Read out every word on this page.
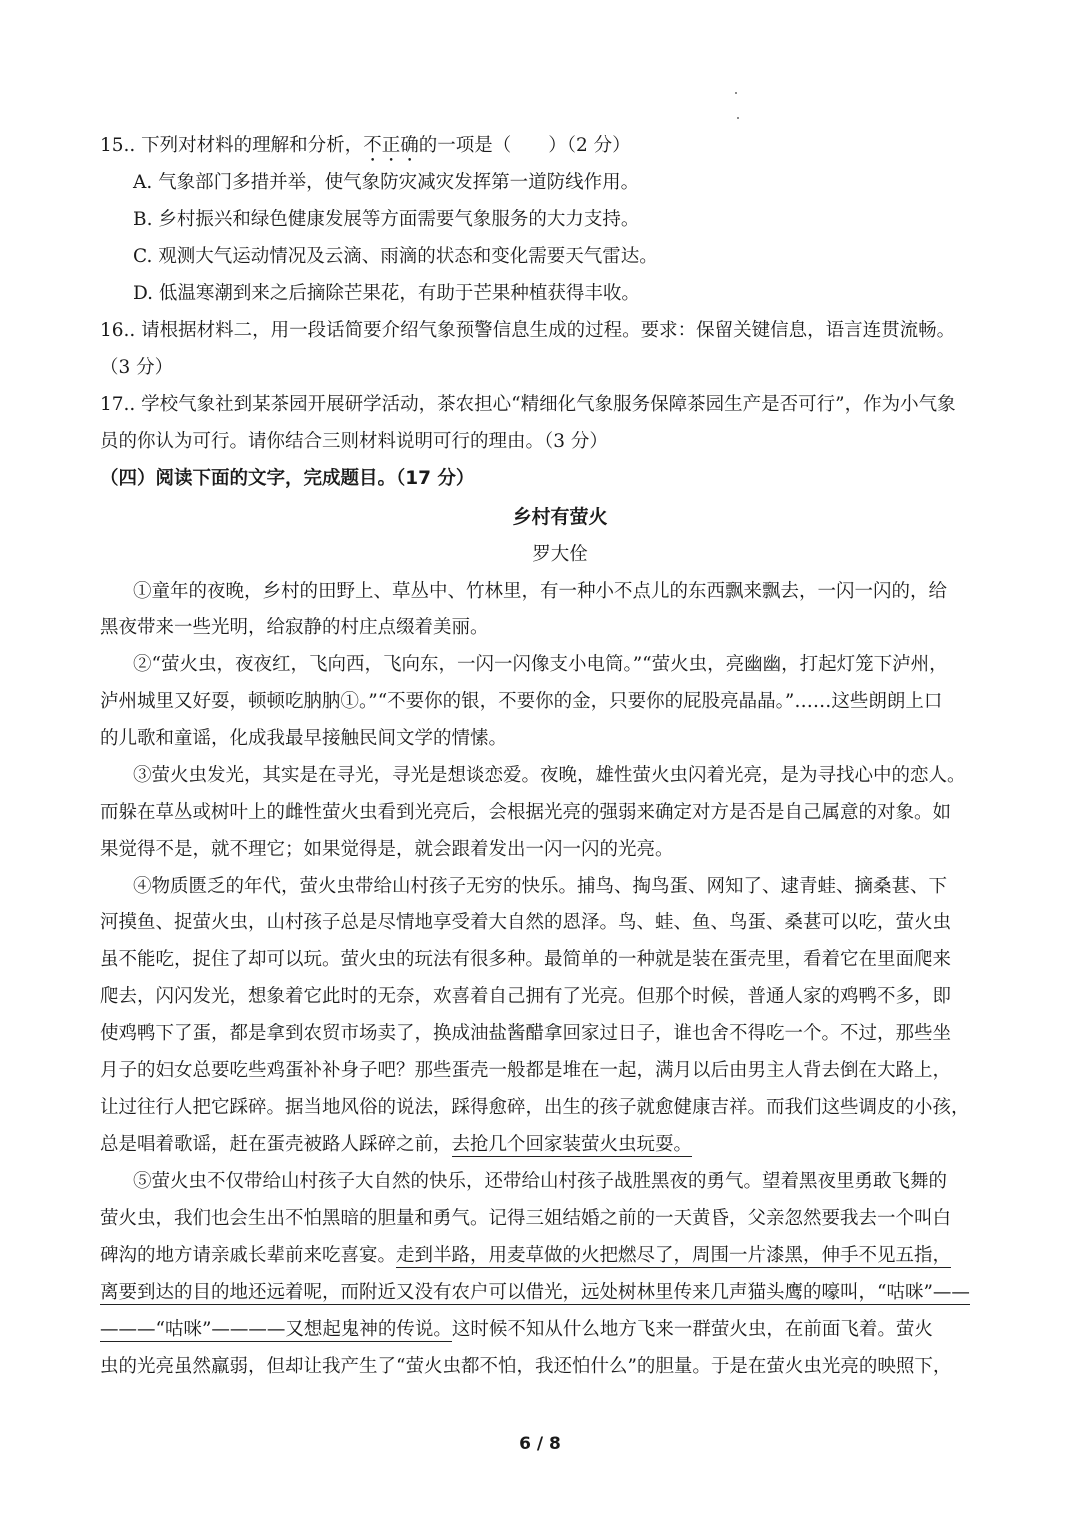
15.. 下列对材料的理解和分析，不正确的一项是（　　）（2 分）
A. 气象部门多措并举，使气象防灾减灾发挥第一道防线作用。
B. 乡村振兴和绿色健康发展等方面需要气象服务的大力支持。
C. 观测大气运动情况及云滴、雨滴的状态和变化需要天气雷达。
D. 低温寒潮到来之后摘除芒果花，有助于芒果种植获得丰收。
16.. 请根据材料二，用一段话简要介绍气象预警信息生成的过程。要求：保留关键信息，语言连贯流畅。
（3 分）
17.. 学校气象社到某茶园开展研学活动，茶农担心“精细化气象服务保障茶园生产是否可行”，作为小气象
员的你认为可行。请你结合三则材料说明可行的理由。（3 分）
（四）阅读下面的文字，完成题目。（17 分）
乡村有萤火
罗大佺
①童年的夜晚，乡村的田野上、草丛中、竹林里，有一种小不点儿的东西飘来飘去，一闪一闪的，给
黑夜带来一些光明，给寂静的村庄点缀着美丽。
②“萤火虫，夜夜红，飞向西，飞向东，一闪一闪像支小电筒。”“萤火虫，亮幽幽，打起灯笼下泸州，
泸州城里又好耍，顿顿吃肭肭①。”“不要你的银，不要你的金，只要你的屁股亮晶晶。”……这些朗朗上口
的儿歌和童谣，化成我最早接触民间文学的情愫。
③萤火虫发光，其实是在寻光，寻光是想谈恋爱。夜晚，雄性萤火虫闪着光亮，是为寻找心中的恋人。
而躲在草丛或树叶上的雌性萤火虫看到光亮后，会根据光亮的强弱来确定对方是否是自己属意的对象。如
果觉得不是，就不理它；如果觉得是，就会跟着发出一闪一闪的光亮。
④物质匮乏的年代，萤火虫带给山村孩子无穷的快乐。捕鸟、掏鸟蛋、网知了、逮青蛙、摘桑葚、下
河摸鱼、捉萤火虫，山村孩子总是尽情地享受着大自然的恩泽。鸟、蛙、鱼、鸟蛋、桑葚可以吃，萤火虫
虽不能吃，捉住了却可以玩。萤火虫的玩法有很多种。最简单的一种就是装在蛋壳里，看着它在里面爬来
爬去，闪闪发光，想象着它此时的无奈，欢喜着自己拥有了光亮。但那个时候，普通人家的鸡鸭不多，即
使鸡鸭下了蛋，都是拿到农贸市场卖了，换成油盐酱醋拿回家过日子，谁也舍不得吃一个。不过，那些坐
月子的妇女总要吃些鸡蛋补补身子吧？那些蛋壳一般都是堆在一起，满月以后由男主人背去倒在大路上，
让过往行人把它踩碎。据当地风俗的说法，踩得愈碎，出生的孩子就愈健康吉祥。而我们这些调皮的小孩，
总是唱着歌谣，赶在蛋壳被路人踩碎之前，去抢几个回家装萤火虫玩耍。
⑤萤火虫不仅带给山村孩子大自然的快乐，还带给山村孩子战胜黑夜的勇气。望着黑夜里勇敢飞舞的
萤火虫，我们也会生出不怕黑暗的胆量和勇气。记得三姐结婚之前的一天黄昏，父亲忽然要我去一个叫白
碑沟的地方请亲戚长辈前来吃喜宴。走到半路，用麦草做的火把燃尽了，周围一片漆黑，伸手不见五指，
离要到达的目的地还远着呢，而附近又没有农户可以借光，远处树林里传来几声猫头鹰的嚎叫，“咕咪”——
———“咕咪”————又想起鬼神的传说。这时候不知从什么地方飞来一群萤火虫，在前面飞着。萤火
虫的光亮虽然羸弱，但却让我产生了“萤火虫都不怕，我还怕什么”的胆量。于是在萤火虫光亮的映照下，
6 / 8
